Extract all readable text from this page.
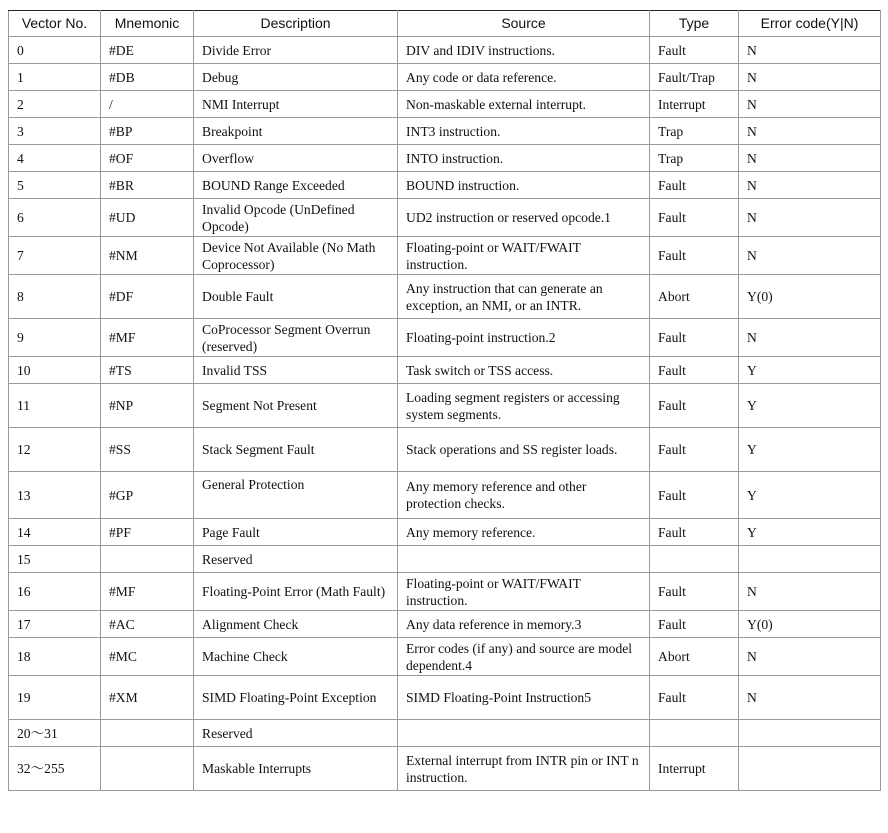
Vector No.	Mnemonic	Description	Source	Type	Error code(Y|N)
0	#DE	Divide Error	DIV and IDIV instructions.	Fault	N
1	#DB	Debug	Any code or data reference.	Fault/Trap	N
2	/	NMI Interrupt	Non-maskable external interrupt.	Interrupt	N
3	#BP	Breakpoint	INT3 instruction.	Trap	N
4	#OF	Overflow	INTO instruction.	Trap	N
5	#BR	BOUND Range Exceeded	BOUND instruction.	Fault	N
6	#UD	Invalid Opcode (UnDefined Opcode)	UD2 instruction or reserved opcode.1	Fault	N
7	#NM	Device Not Available (No Math Coprocessor)	Floating-point or WAIT/FWAIT instruction.	Fault	N
8	#DF	Double Fault	Any instruction that can generate an exception, an NMI, or an INTR.	Abort	Y(0)
9	#MF	CoProcessor Segment Overrun (reserved)	Floating-point instruction.2	Fault	N
10	#TS	Invalid TSS	Task switch or TSS access.	Fault	Y
11	#NP	Segment Not Present	Loading segment registers or accessing system segments.	Fault	Y
12	#SS	Stack Segment Fault	Stack operations and SS register loads.	Fault	Y
13	#GP	General Protection	Any memory reference and other protection checks.	Fault	Y
14	#PF	Page Fault	Any memory reference.	Fault	Y
15		Reserved			
16	#MF	Floating-Point Error (Math Fault)	Floating-point or WAIT/FWAIT instruction.	Fault	N
17	#AC	Alignment Check	Any data reference in memory.3	Fault	Y(0)
18	#MC	Machine Check	Error codes (if any) and source are model dependent.4	Abort	N
19	#XM	SIMD Floating-Point Exception	SIMD Floating-Point Instruction5	Fault	N
20～31		Reserved			
32～255		Maskable Interrupts	External interrupt from INTR pin or INT n instruction.	Interrupt	
